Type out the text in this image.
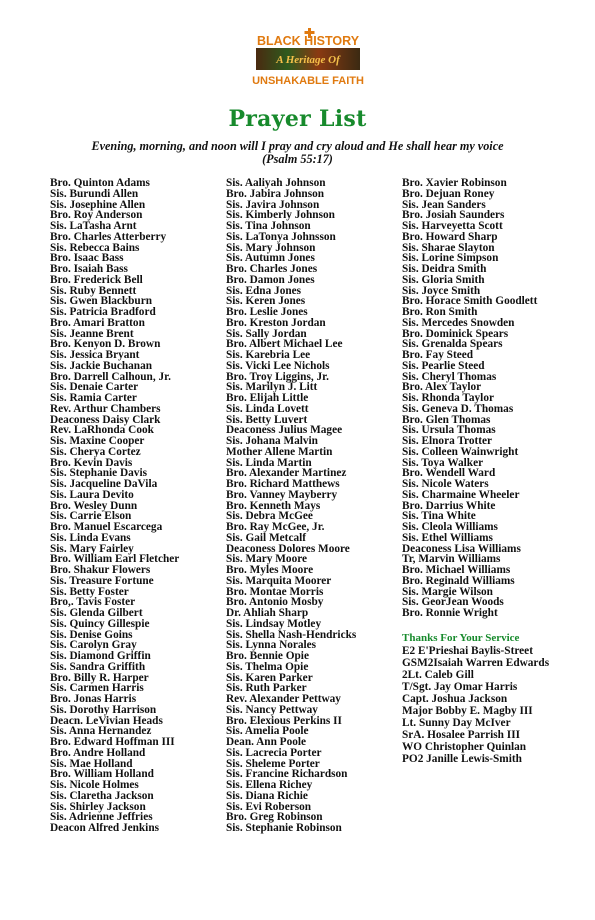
BLACK HISTORY
A Heritage Of
UNSHAKABLE FAITH
Prayer List
Evening, morning, and noon will I pray and cry aloud and He shall hear my voice
(Psalm 55:17)
Bro. Quinton Adams
Sis. Burundi Allen
Sis. Josephine Allen
Bro. Roy Anderson
Sis. LaTasha Arnt
Bro. Charles Atterberry
Sis. Rebecca Bains
Bro. Isaac Bass
Bro. Isaiah Bass
Bro. Frederick Bell
Sis. Ruby Bennett
Sis. Gwen Blackburn
Sis. Patricia Bradford
Bro. Amari Bratton
Sis. Jeanne Brent
Bro. Kenyon D. Brown
Sis. Jessica Bryant
Sis. Jackie Buchanan
Bro. Darrell Calhoun, Jr.
Sis. Denaie Carter
Sis. Ramia Carter
Rev. Arthur Chambers
Deaconess Daisy Clark
Rev. LaRhonda Cook
Sis. Maxine Cooper
Sis. Cherya Cortez
Bro. Kevin Davis
Sis. Stephanie Davis
Sis. Jacqueline DaVila
Sis. Laura Devito
Bro. Wesley Dunn
Sis. Carrie Elson
Bro. Manuel Escarcega
Sis. Linda Evans
Sis. Mary Fairley
Bro. William Earl Fletcher
Bro. Shakur Flowers
Sis. Treasure Fortune
Sis. Betty Foster
Bro,. Tavis Foster
Sis. Glenda Gilbert
Sis. Quincy Gillespie
Sis. Denise Goins
Sis. Carolyn Gray
Sis. Diamond Griffin
Sis. Sandra Griffith
Bro. Billy R. Harper
Sis. Carmen Harris
Bro. Jonas Harris
Sis. Dorothy Harrison
Deacn. LeVivian Heads
Sis. Anna Hernandez
Bro. Edward Hoffman III
Bro. Andre Holland
Sis. Mae Holland
Bro. William Holland
Sis. Nicole Holmes
Sis. Claretha Jackson
Sis. Shirley Jackson
Sis. Adrienne Jeffries
Deacon Alfred Jenkins
Sis. Aaliyah Johnson
Bro. Jabira Johnson
Sis. Javira Johnson
Sis. Kimberly Johnson
Sis. Tina Johnson
Sis. LaTonya Johnsson
Sis. Mary Johnson
Sis. Autumn Jones
Bro. Charles Jones
Bro. Damon Jones
Sis. Edna Jones
Sis. Keren Jones
Bro. Leslie Jones
Bro. Kreston Jordan
Sis. Sally Jordan
Bro. Albert Michael Lee
Sis. Karebria Lee
Sis. Vicki Lee Nichols
Bro. Troy Liggins, Jr.
Sis. Marilyn J. Litt
Bro. Elijah Little
Sis. Linda Lovett
Sis. Betty Luvert
Deaconess Julius Magee
Sis. Johana Malvin
Mother Allene Martin
Sis. Linda Martin
Bro. Alexander Martinez
Bro. Richard Matthews
Bro. Vanney Mayberry
Bro. Kenneth Mays
Sis. Debra McGee
Bro. Ray McGee, Jr.
Sis. Gail Metcalf
Deaconess Dolores Moore
Sis. Mary Moore
Bro. Myles Moore
Sis. Marquita Moorer
Bro. Montae Morris
Bro. Antonio Mosby
Dr. Ahliah Sharp
Sis. Lindsay Motley
Sis. Shella Nash-Hendricks
Sis. Lynna Norales
Bro. Bennie Opie
Sis. Thelma Opie
Sis. Karen Parker
Sis. Ruth Parker
Rev. Alexander Pettway
Sis. Nancy Pettway
Bro. Elexious Perkins II
Sis. Amelia Poole
Dean. Ann Poole
Sis. Lacrecia Porter
Sis. Sheleme Porter
Sis. Francine Richardson
Sis. Ellena Richey
Sis. Diana Richie
Sis. Evi Roberson
Bro. Greg Robinson
Sis. Stephanie Robinson
Bro. Xavier Robinson
Bro. Dejuan Roney
Sis. Jean Sanders
Bro. Josiah Saunders
Sis. Harveyetta Scott
Bro. Howard Sharp
Sis. Sharae Slayton
Sis. Lorine Simpson
Sis. Deidra Smith
Sis. Gloria Smith
Sis. Joyce Smith
Bro. Horace Smith Goodlett
Bro. Ron Smith
Sis. Mercedes Snowden
Bro. Dominick Spears
Sis. Grenalda Spears
Bro. Fay Steed
Sis. Pearlie Steed
Sis. Cheryl Thomas
Bro. Alex Taylor
Sis. Rhonda Taylor
Sis. Geneva D. Thomas
Bro. Glen Thomas
Sis. Ursula Thomas
Sis. Elnora Trotter
Sis. Colleen Wainwright
Sis. Toya Walker
Bro. Wendell Ward
Sis. Nicole Waters
Sis. Charmaine Wheeler
Bro. Darrius White
Sis. Tina White
Sis. Cleola Williams
Sis. Ethel Williams
Deaconess Lisa Williams
Tr, Marvin Williams
Bro. Michael Williams
Bro. Reginald Williams
Sis. Margie Wilson
Sis. GeorJean Woods
Bro. Ronnie Wright
Thanks For Your Service
E2 E'Prieshai Baylis-Street
GSM2Isaiah Warren Edwards
2Lt. Caleb Gill
T/Sgt. Jay Omar Harris
Capt. Joshua Jackson
Major Bobby E. Magby III
Lt. Sunny Day McIver
SrA. Hosalee Parrish III
WO Christopher Quinlan
PO2 Janille Lewis-Smith
